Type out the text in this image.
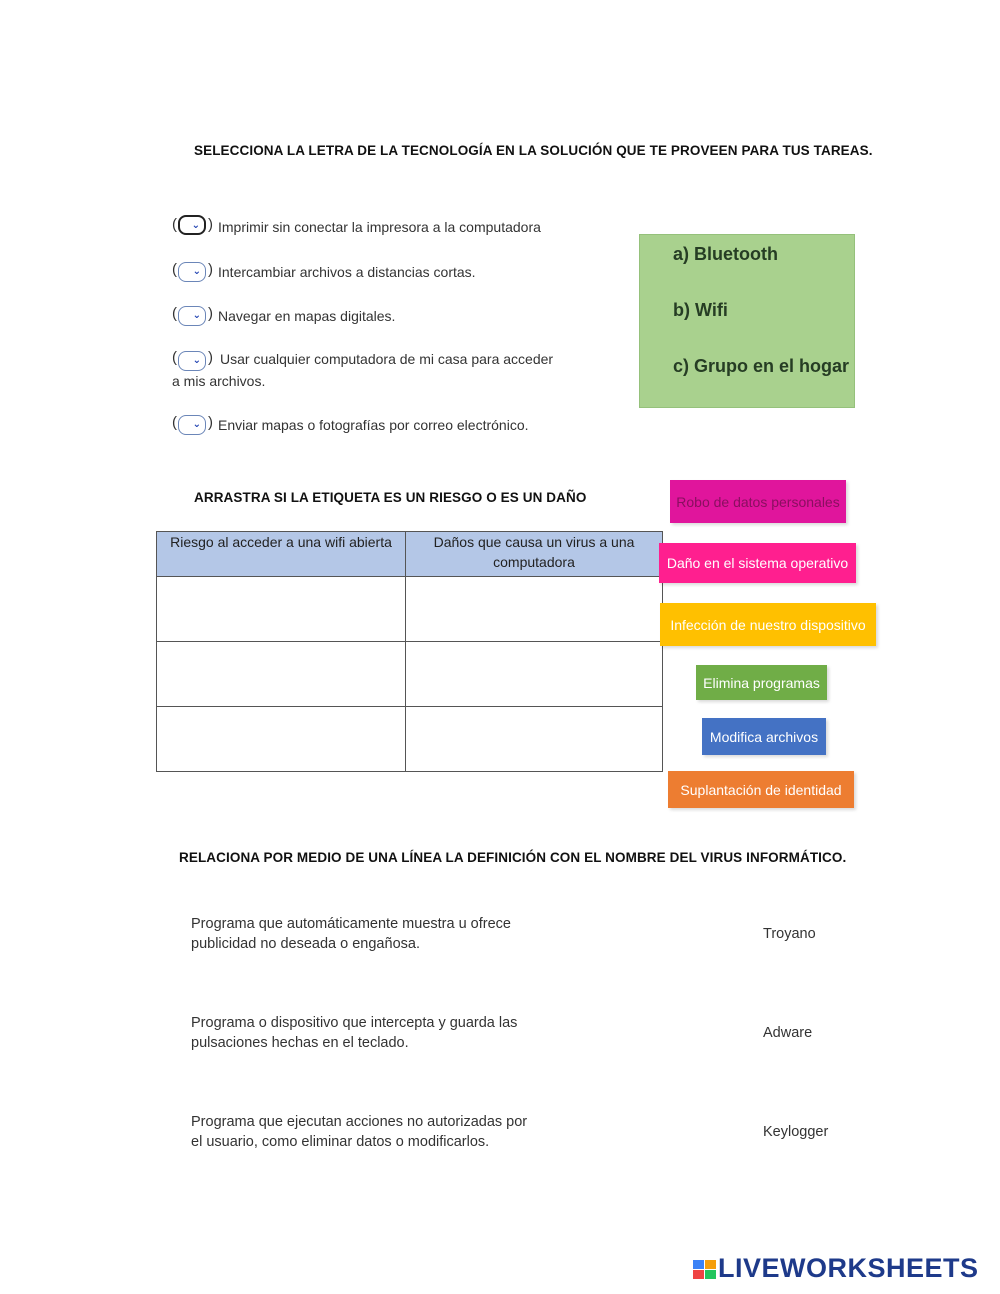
SELECCIONA LA LETRA DE LA TECNOLOGÍA EN LA SOLUCIÓN QUE TE PROVEEN PARA TUS TAREAS.
( ⌄ ) Imprimir sin conectar la impresora a la computadora
( ⌄ ) Intercambiar archivos a distancias cortas.
( ⌄ ) Navegar en mapas digitales.
( ⌄ ) Usar cualquier computadora de mi casa para acceder
a mis archivos.
( ⌄ ) Enviar mapas o fotografías por correo electrónico.
a) Bluetooth
b) Wifi
c) Grupo en el hogar
ARRASTRA SI LA ETIQUETA ES UN RIESGO O ES UN DAÑO
Riesgo al acceder a una wifi abierta	Daños que causa un virus a una computadora

Robo de datos personales
Daño en el sistema operativo
Infección de nuestro dispositivo
Elimina programas
Modifica archivos
Suplantación de identidad
RELACIONA POR MEDIO DE UNA LÍNEA LA DEFINICIÓN CON EL NOMBRE DEL VIRUS INFORMÁTICO.
Programa que automáticamente muestra u ofrece
publicidad no deseada o engañosa.
Programa o dispositivo que intercepta y guarda las
pulsaciones hechas en el teclado.
Programa que ejecutan acciones no autorizadas por
el usuario, como eliminar datos o modificarlos.
Troyano
Adware
Keylogger
LIVEWORKSHEETS
